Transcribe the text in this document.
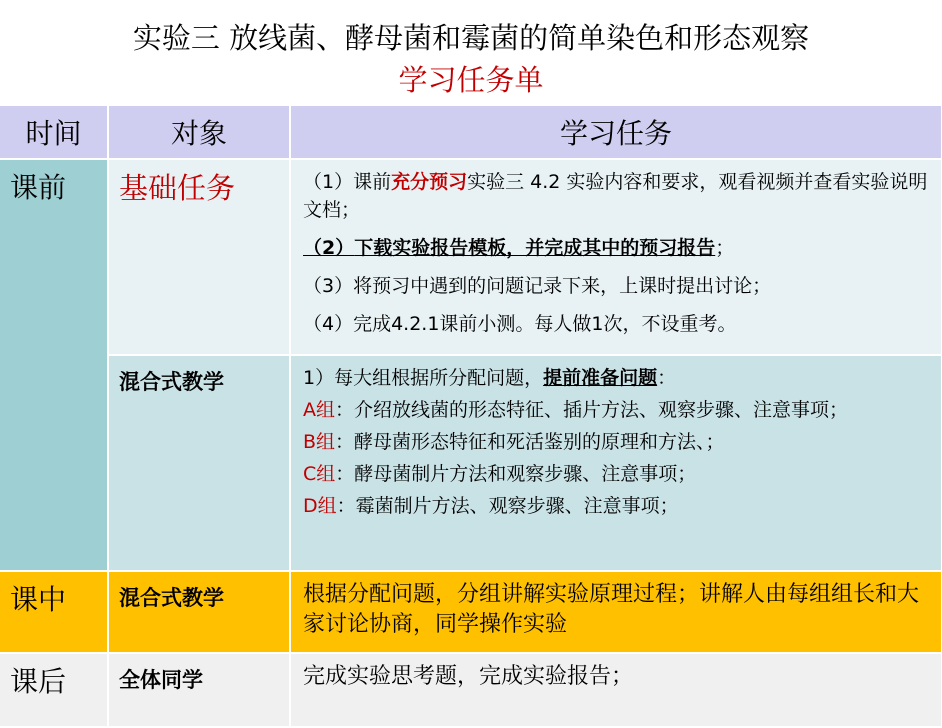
实验三 放线菌、酵母菌和霉菌的简单染色和形态观察
学习任务单
时间	对象	学习任务
课前	基础任务	（1）课前充分预习实验三 4.2 实验内容和要求，观看视频并查看实验说明文档；

（2）下载实验报告模板，并完成其中的预习报告；

（3）将预习中遇到的问题记录下来，上课时提出讨论；

（4）完成4.2.1课前小测。每人做1次，不设重考。

	混合式教学	1）每大组根据所分配问题，提前准备问题：

A组：介绍放线菌的形态特征、插片方法、观察步骤、注意事项；

B组：酵母菌形态特征和死活鉴别的原理和方法、；

C组：酵母菌制片方法和观察步骤、注意事项；

D组：霉菌制片方法、观察步骤、注意事项；

课中	混合式教学	根据分配问题，分组讲解实验原理过程；讲解人由每组组长和大家讨论协商，同学操作实验
课后	全体同学	完成实验思考题，完成实验报告；
